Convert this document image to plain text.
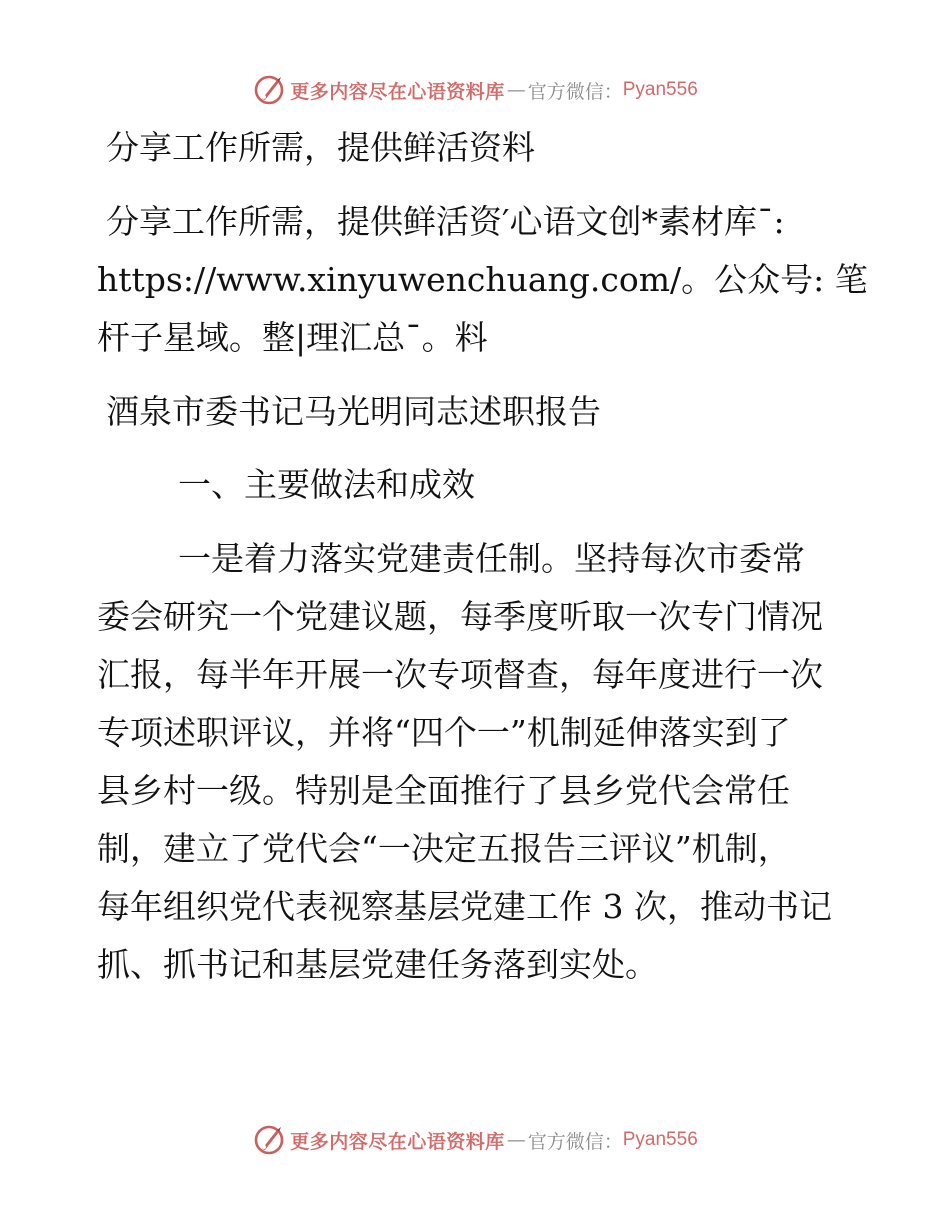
更多内容尽在心语资料库 — 官方微信： Pyan556

分享工作所需，提供鲜活资料

分享工作所需，提供鲜活资′心语文创*素材库¯:

https://www.xinyuwenchuang.com/。公众号: 笔

杆子星域。整|理汇总¯。料

酒泉市委书记马光明同志述职报告
一、主要做法和成效

一是着力落实党建责任制。坚持每次市委常

委会研究一个党建议题，每季度听取一次专门情况

汇报，每半年开展一次专项督查，每年度进行一次

专项述职评议，并将“四个一”机制延伸落实到了

县乡村一级。特别是全面推行了县乡党代会常任

制，建立了党代会“一决定五报告三评议”机制，

每年组织党代表视察基层党建工作 3 次，推动书记

抓、抓书记和基层党建任务落到实处。

更多内容尽在心语资料库 — 官方微信： Pyan556
